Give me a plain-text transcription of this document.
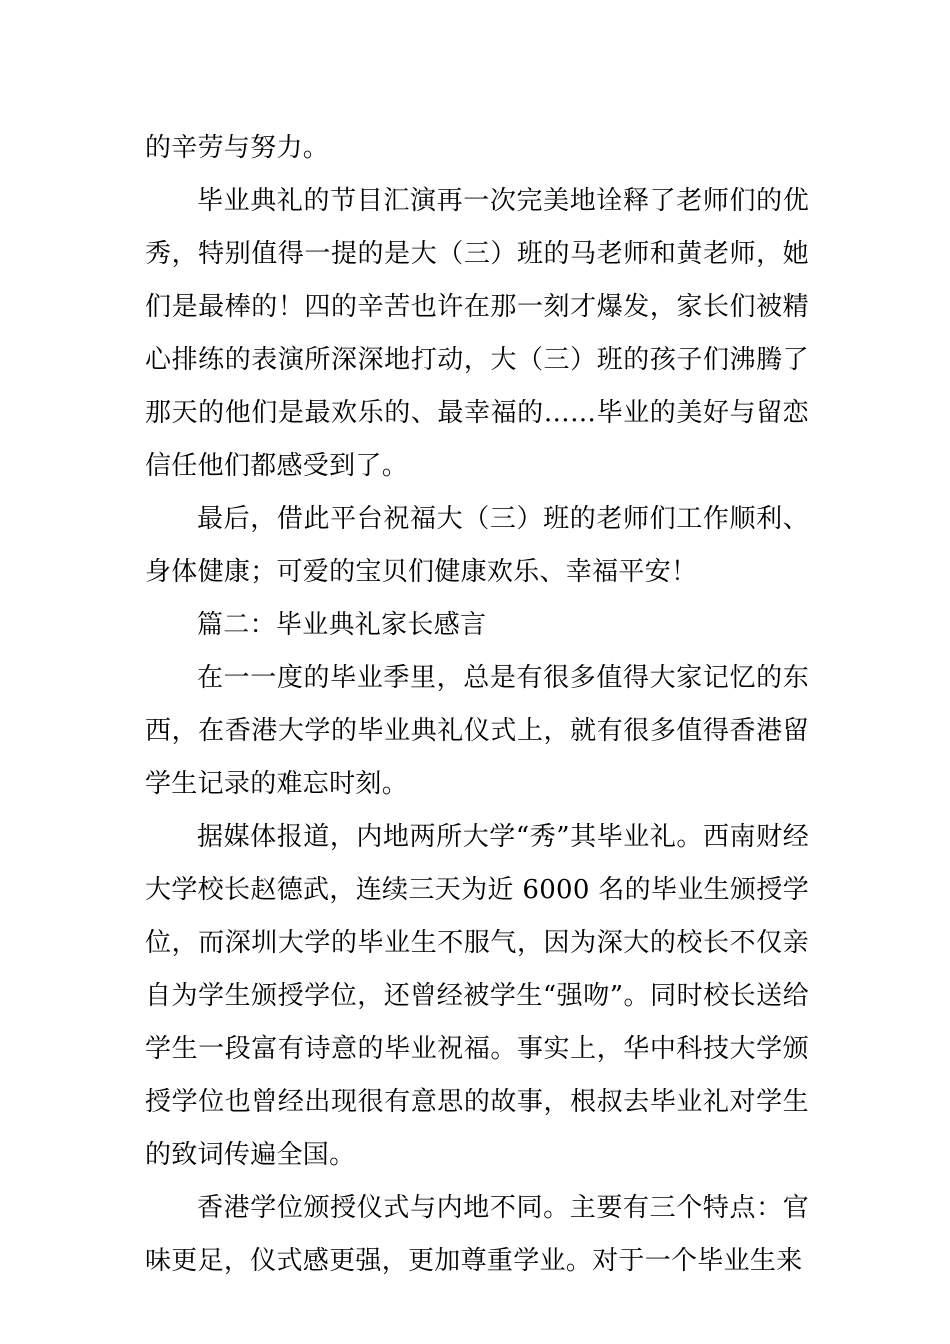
的辛劳与努力。

毕业典礼的节目汇演再一次完美地诠释了老师们的优秀，特别值得一提的是大（三）班的马老师和黄老师，她们是最棒的！四的辛苦也许在那一刻才爆发，家长们被精心排练的表演所深深地打动，大（三）班的孩子们沸腾了那天的他们是最欢乐的、最幸福的……毕业的美好与留恋信任他们都感受到了。

最后，借此平台祝福大（三）班的老师们工作顺利、身体健康；可爱的宝贝们健康欢乐、幸福平安！

篇二：毕业典礼家长感言

在一一度的毕业季里，总是有很多值得大家记忆的东西，在香港大学的毕业典礼仪式上，就有很多值得香港留学生记录的难忘时刻。

据媒体报道，内地两所大学“秀”其毕业礼。西南财经大学校长赵德武，连续三天为近 6000 名的毕业生颁授学位，而深圳大学的毕业生不服气，因为深大的校长不仅亲自为学生颁授学位，还曾经被学生“强吻”。同时校长送给学生一段富有诗意的毕业祝福。事实上，华中科技大学颁授学位也曾经出现很有意思的故事，根叔去毕业礼对学生的致词传遍全国。

香港学位颁授仪式与内地不同。主要有三个特点：官味更足，仪式感更强，更加尊重学业。对于一个毕业生来
